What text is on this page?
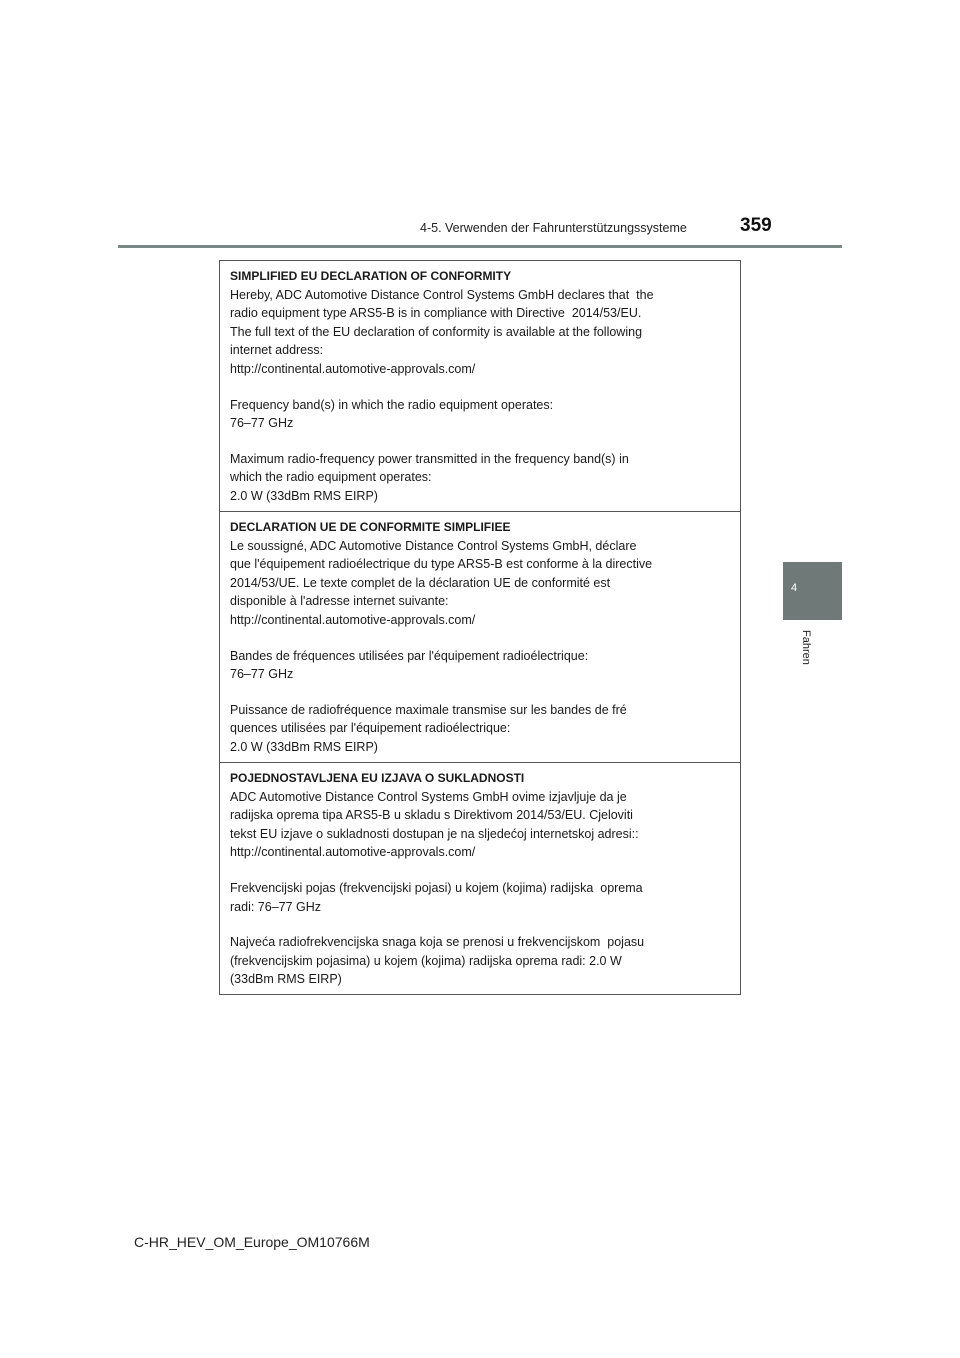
4-5. Verwenden der Fahrunterstützungssysteme	359
4
Fahren
SIMPLIFIED EU DECLARATION OF CONFORMITY
Hereby, ADC Automotive Distance Control Systems GmbH declares that  the
radio equipment type ARS5-B is in compliance with Directive  2014/53/EU.
The full text of the EU declaration of conformity is available at the following
internet address:
http://continental.automotive-approvals.com/
Frequency band(s) in which the radio equipment operates:
76–77 GHz
Maximum radio-frequency power transmitted in the frequency band(s) in
which the radio equipment operates:
2.0 W (33dBm RMS EIRP)
DECLARATION UE DE CONFORMITE SIMPLIFIEE
Le soussigné, ADC Automotive Distance Control Systems GmbH, déclare
que l'équipement radioélectrique du type ARS5-B est conforme à la directive
2014/53/UE. Le texte complet de la déclaration UE de conformité est
disponible à l'adresse internet suivante:
http://continental.automotive-approvals.com/
Bandes de fréquences utilisées par l'équipement radioélectrique:
76–77 GHz
Puissance de radiofréquence maximale transmise sur les bandes de fré
quences utilisées par l'équipement radioélectrique:
2.0 W (33dBm RMS EIRP)
POJEDNOSTAVLJENA EU IZJAVA O SUKLADNOSTI
ADC Automotive Distance Control Systems GmbH ovime izjavljuje da je
radijska oprema tipa ARS5-B u skladu s Direktivom 2014/53/EU. Cjeloviti
tekst EU izjave o sukladnosti dostupan je na sljedećoj internetskoj adresi::
http://continental.automotive-approvals.com/
Frekvencijski pojas (frekvencijski pojasi) u kojem (kojima) radijska  oprema
radi: 76–77 GHz
Najveća radiofrekvencijska snaga koja se prenosi u frekvencijskom  pojasu
(frekvencijskim pojasima) u kojem (kojima) radijska oprema radi: 2.0 W
(33dBm RMS EIRP)
C-HR_HEV_OM_Europe_OM10766M
